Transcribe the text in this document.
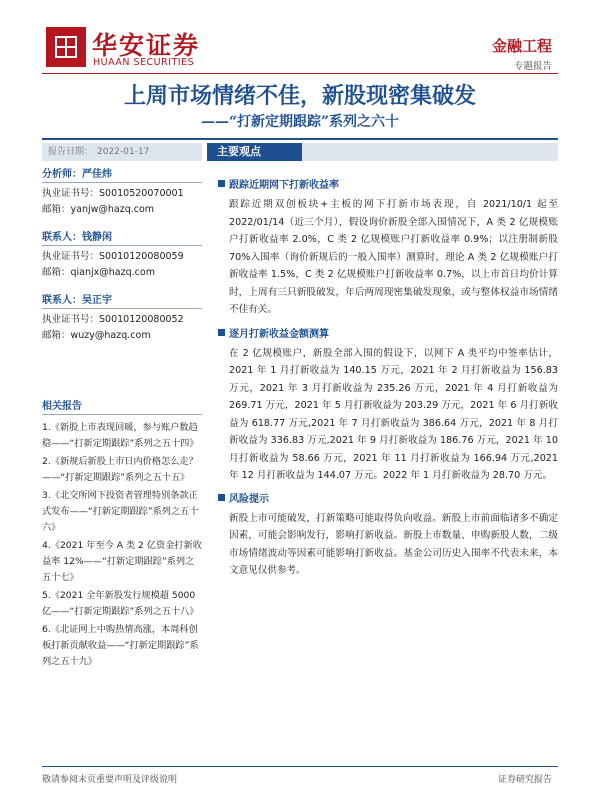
华安证券
HUAAN SECURITIES
金融工程
专题报告
上周市场情绪不佳，新股现密集破发
——“打新定期跟踪”系列之六十
报告日期： 2022-01-17	主要观点
分析师：严佳炜
执业证书号：S0010520070001
邮箱：yanjw@hazq.com
联系人：钱静闲
执业证书号：S0010120080059
邮箱：qianjx@hazq.com
联系人：吴正宇
执业证书号：S0010120080052
邮箱：wuzy@hazq.com
相关报告
1.《新股上市表现回暖，参与账户数趋稳——“打新定期跟踪”系列之五十四》
2.《新规后新股上市日内价格怎么走？——“打新定期跟踪”系列之五十五》
3.《北交所网下投资者管理特别条款正式发布——“打新定期跟踪”系列之五十六》
4.《2021 年至今 A 类 2 亿资金打新收益率 12%——“打新定期跟踪”系列之五十七》
5.《2021 全年新股发行规模超 5000 亿——“打新定期跟踪”系列之五十八》
6.《北证网上中购热情高涨，本周科创板打新贡献收益——“打新定期跟踪”系列之五十九》
跟踪近期网下打新收益率
跟踪近期双创板块+主板的网下打新市场表现，自 2021/10/1 起至 2022/01/14（近三个月），假设询价新股全部入围情况下，A 类 2 亿规模账户打新收益率 2.0%，C 类 2 亿规模账户打新收益率 0.9%；以注册制新股 70%入围率（询价新规后的一般入围率）测算时，理论 A 类 2 亿规模账户打新收益率 1.5%，C 类 2 亿规模账户打新收益率 0.7%，以上市首日均价计算时，上周有三只新股破发，年后两周现密集破发现象，或与整体权益市场情绪不佳有关。
逐月打新收益金额测算
在 2 亿规模账户，新股全部入围的假设下，以网下 A 类平均中签率估计，2021 年 1 月打新收益为 140.15 万元，2021 年 2 月打新收益为 156.83 万元，2021 年 3 月打新收益为 235.26 万元，2021 年 4 月打新收益为 269.71 万元，2021 年 5 月打新收益为 203.29 万元，2021 年 6 月打新收益为 618.77 万元,2021 年 7 月打新收益为 386.64 万元，2021 年 8 月打新收益为 336.83 万元,2021 年 9 月打新收益为 186.76 万元，2021 年 10 月打新收益为 58.66 万元，2021 年 11 月打新收益为 166.94 万元,2021 年 12 月打新收益为 144.07 万元。2022 年 1 月打新收益为 28.70 万元。
风险提示
新股上市可能破发，打新策略可能取得负向收益。新股上市前面临诸多不确定因素，可能会影响发行，影响打新收益。新股上市数量、申购新股人数，二级市场情绪波动等因素可能影响打新收益。基金公司历史入围率不代表未来，本文意见仅供参考。
敬请参阅末页重要声明及评级说明	证券研究报告
